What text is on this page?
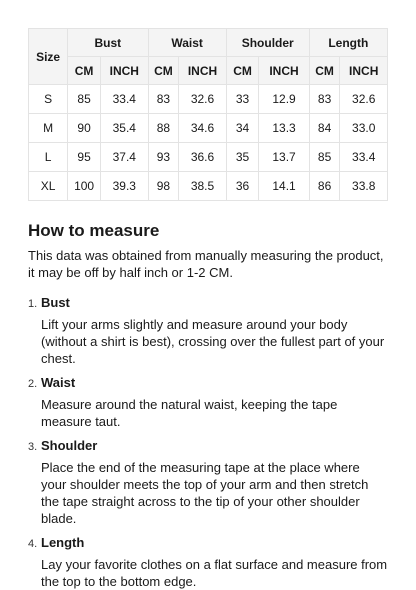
Size	Bust		Waist		Shoulder		Length	
	CM	INCH	CM	INCH	CM	INCH	CM	INCH
S	85	33.4	83	32.6	33	12.9	83	32.6
M	90	35.4	88	34.6	34	13.3	84	33.0
L	95	37.4	93	36.6	35	13.7	85	33.4
XL	100	39.3	98	38.5	36	14.1	86	33.8
How to measure

This data was obtained from manually measuring the product, it may be off by half inch or 1-2 CM.

1. Bust
Lift your arms slightly and measure around your body (without a shirt is best), crossing over the fullest part of your chest.
2. Waist
Measure around the natural waist, keeping the tape measure taut.
3. Shoulder
Place the end of the measuring tape at the place where your shoulder meets the top of your arm and then stretch the tape straight across to the tip of your other shoulder blade.
4. Length
Lay your favorite clothes on a flat surface and measure from the top to the bottom edge.
